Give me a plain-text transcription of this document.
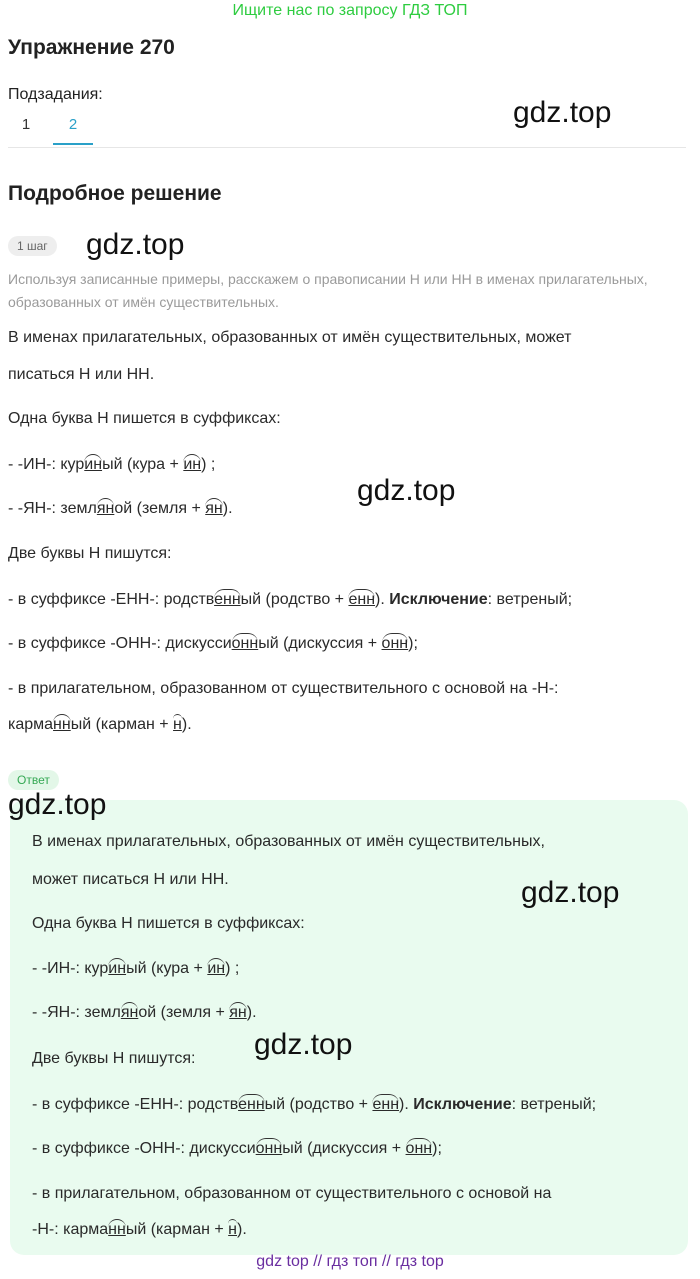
Ищите нас по запросу ГДЗ ТОП
Упражнение 270
Подзадания:
1	2	gdz.top
Подробное решение
1 шаг	gdz.top
Используя записанные примеры, расскажем о правописании Н или НН в именах прилагательных, образованных от имён существительных.
В именах прилагательных, образованных от имён существительных, может
писаться Н или НН.
Одна буква Н пишется в суффиксах:
- -ИН-: куриный (кура + ин) ;
gdz.top
- -ЯН-: земляной (земля + ян).
Две буквы Н пишутся:
- в суффиксе -ЕНН-: родственный (родство + енн). Исключение: ветреный;
- в суффиксе -ОНН-: дискуссионный (дискуссия + онн);
- в прилагательном, образованном от существительного с основой на -Н-:
карманный (карман + н).
Ответ
gdz.top
В именах прилагательных, образованных от имён существительных,
может писаться Н или НН.	gdz.top
Одна буква Н пишется в суффиксах:
- -ИН-: куриный (кура + ин) ;
- -ЯН-: земляной (земля + ян).
gdz.top
Две буквы Н пишутся:
- в суффиксе -ЕНН-: родственный (родство + енн). Исключение: ветреный;
- в суффиксе -ОНН-: дискуссионный (дискуссия + онн);
- в прилагательном, образованном от существительного с основой на
-Н-: карманный (карман + н).
gdz top // гдз топ // гдз top
